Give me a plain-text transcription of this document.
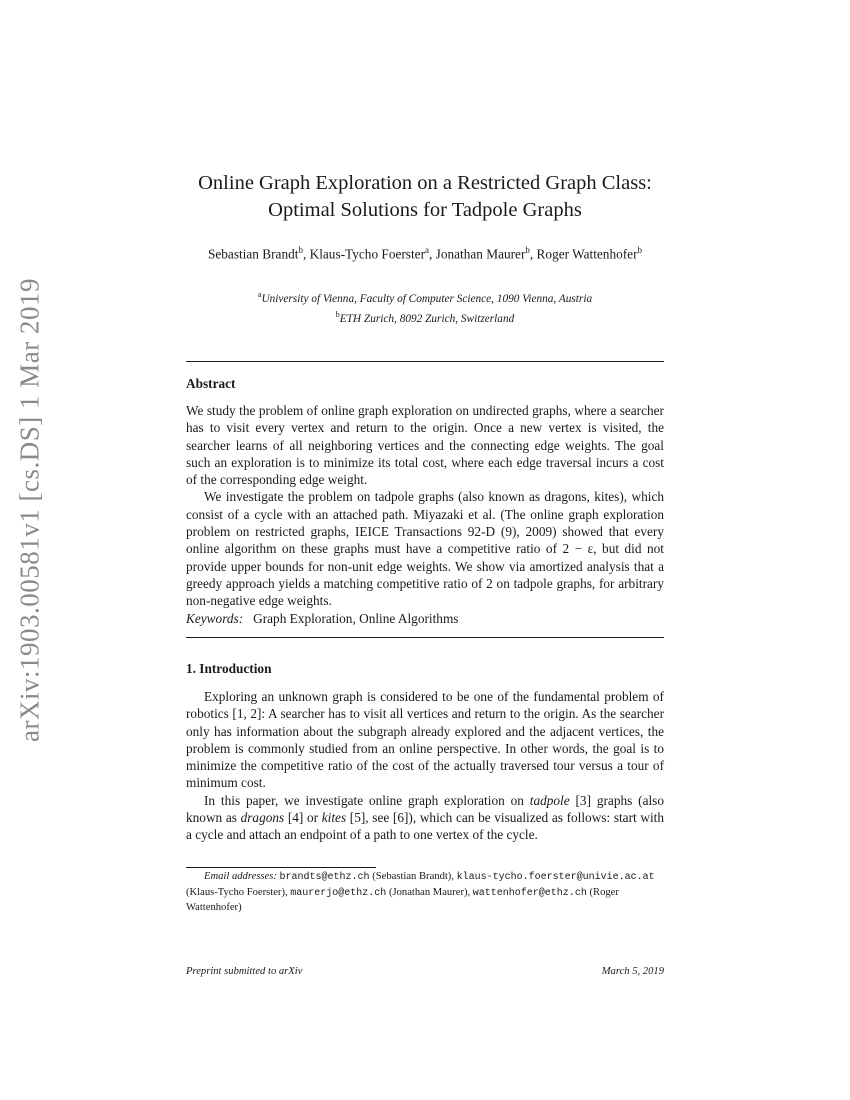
arXiv:1903.00581v1 [cs.DS] 1 Mar 2019
Online Graph Exploration on a Restricted Graph Class:
Optimal Solutions for Tadpole Graphs
Sebastian Brandt$^b$, Klaus-Tycho Foerster$^a$, Jonathan Maurer$^b$, Roger Wattenhofer$^b$
$^a$University of Vienna, Faculty of Computer Science, 1090 Vienna, Austria
$^b$ETH Zurich, 8092 Zurich, Switzerland
Abstract

We study the problem of online graph exploration on undirected graphs, where a searcher has to visit every vertex and return to the origin. Once a new vertex is visited, the searcher learns of all neighboring vertices and the connecting edge weights. The goal such an exploration is to minimize its total cost, where each edge traversal incurs a cost of the corresponding edge weight.

We investigate the problem on tadpole graphs (also known as dragons, kites), which consist of a cycle with an attached path. Miyazaki et al. (The online graph exploration problem on restricted graphs, IEICE Transactions 92-D (9), 2009) showed that every online algorithm on these graphs must have a competitive ratio of 2 − ε, but did not provide upper bounds for non-unit edge weights. We show via amortized analysis that a greedy approach yields a matching competitive ratio of 2 on tadpole graphs, for arbitrary non-negative edge weights.

Keywords: Graph Exploration, Online Algorithms
1. Introduction

Exploring an unknown graph is considered to be one of the fundamental problem of robotics [1, 2]: A searcher has to visit all vertices and return to the origin. As the searcher only has information about the subgraph already explored and the adjacent vertices, the problem is commonly studied from an online perspective. In other words, the goal is to minimize the competitive ratio of the cost of the actually traversed tour versus a tour of minimum cost.

In this paper, we investigate online graph exploration on tadpole [3] graphs (also known as dragons [4] or kites [5], see [6]), which can be visualized as follows: start with a cycle and attach an endpoint of a path to one vertex of the cycle.

Email addresses: brandts@ethz.ch (Sebastian Brandt), klaus-tycho.foerster@univie.ac.at (Klaus-Tycho Foerster), maurerjo@ethz.ch (Jonathan Maurer), wattenhofer@ethz.ch (Roger Wattenhofer)
Preprint submitted to arXiv	March 5, 2019
